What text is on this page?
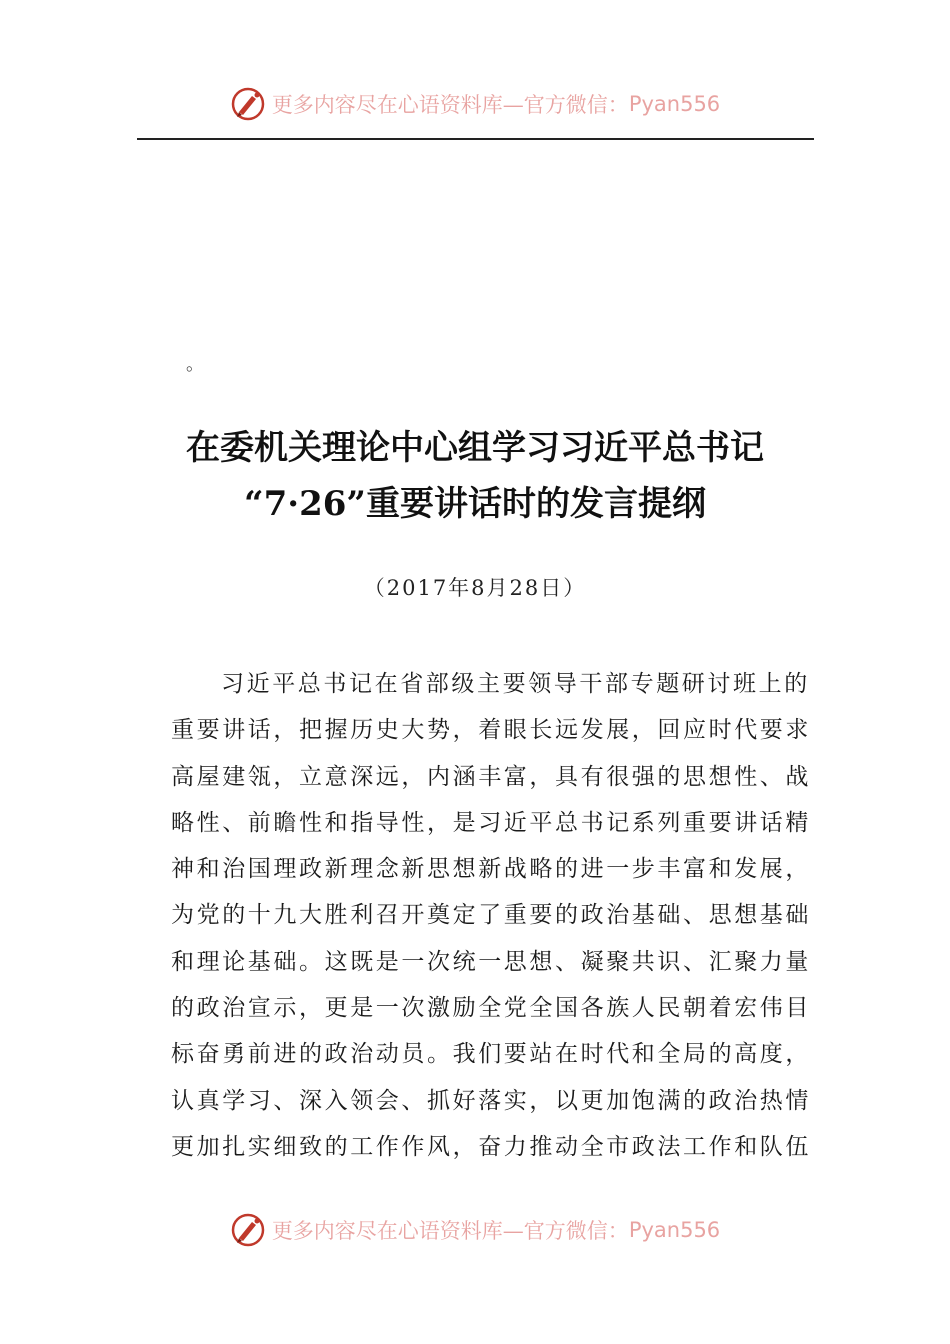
更多内容尽在心语资料库—官方微信： Pyan556
。
在委机关理论中心组学习习近平总书记
“7·26”重要讲话时的发言提纲
（2017年8月28日）
习近平总书记在省部级主要领导干部专题研讨班上的
重要讲话，把握历史大势，着眼长远发展，回应时代要求
高屋建瓴，立意深远，内涵丰富，具有很强的思想性、战
略性、前瞻性和指导性，是习近平总书记系列重要讲话精
神和治国理政新理念新思想新战略的进一步丰富和发展，
为党的十九大胜利召开奠定了重要的政治基础、思想基础
和理论基础。这既是一次统一思想、凝聚共识、汇聚力量
的政治宣示，更是一次激励全党全国各族人民朝着宏伟目
标奋勇前进的政治动员。我们要站在时代和全局的高度，
认真学习、深入领会、抓好落实，以更加饱满的政治热情
更加扎实细致的工作作风，奋力推动全市政法工作和队伍
更多内容尽在心语资料库—官方微信： Pyan556
